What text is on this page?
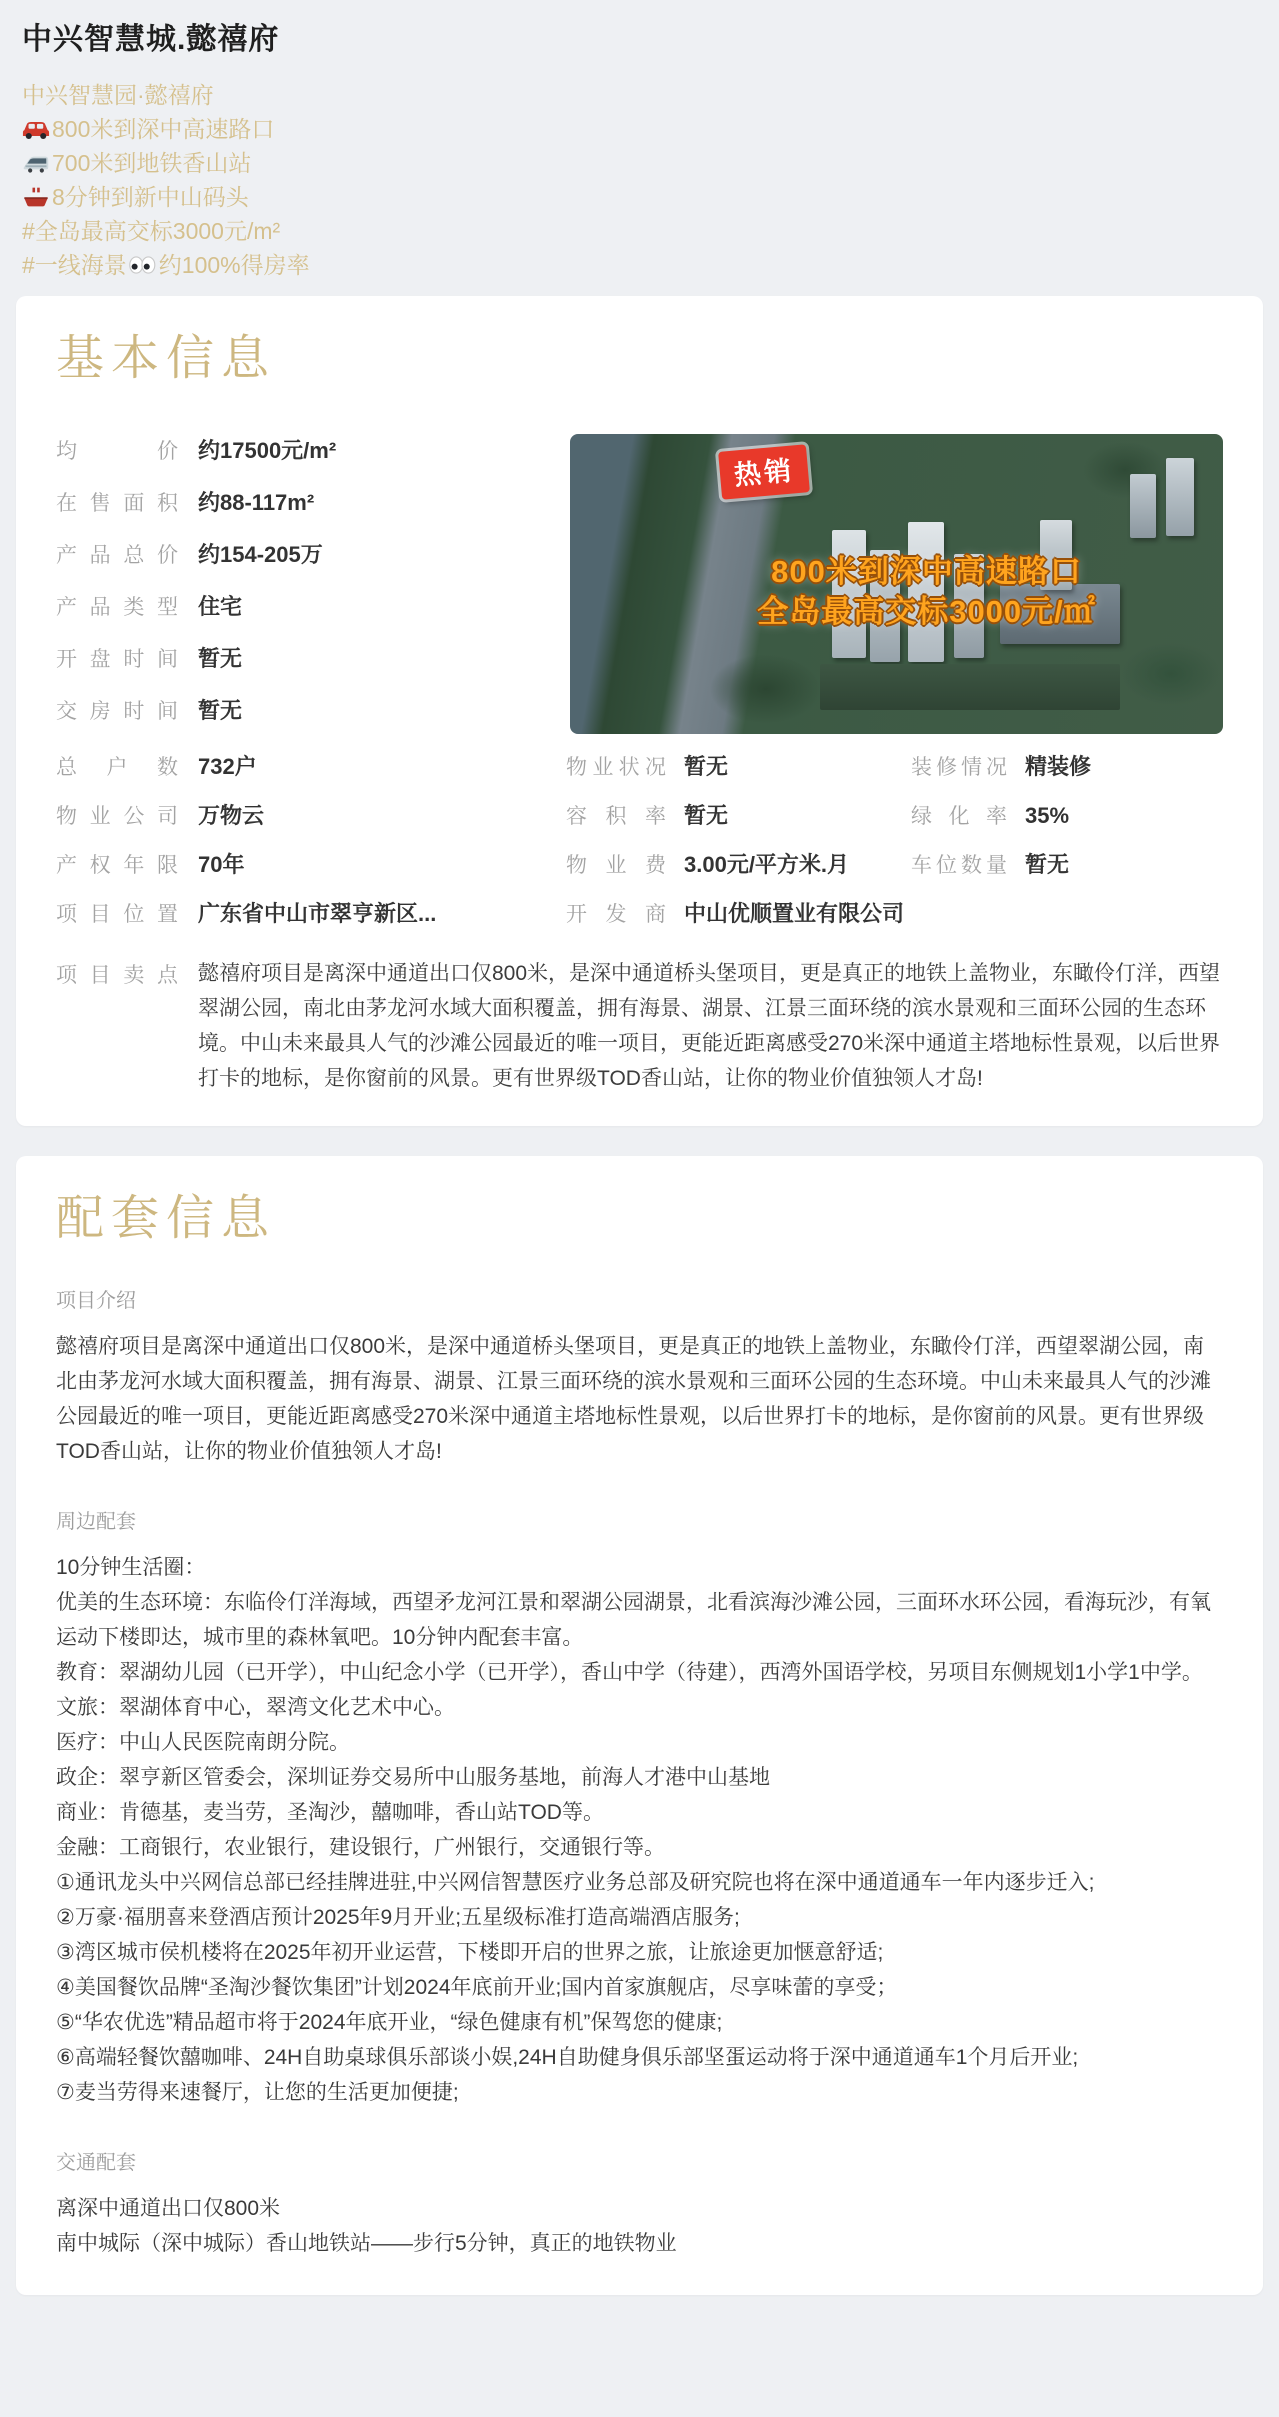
中兴智慧城.懿禧府
中兴智慧园·懿禧府
800米到深中高速路口
700米到地铁香山站
8分钟到新中山码头
#全岛最高交标3000元/m²
#一线海景 约100%得房率
基本信息
均价 约17500元/m²
在售面积 约88-117m²
产品总价 约154-205万
产品类型 住宅
开盘时间 暂无
交房时间 暂无
热销
800米到深中高速路口
全岛最高交标3000元/㎡
总户数 732户	物业状况 暂无	装修情况 精装修
物业公司 万物云	容积率 暂无	绿化率 35%
产权年限 70年	物业费 3.00元/平方米.月	车位数量 暂无
项目位置 广东省中山市翠亨新区...	开发商 中山优顺置业有限公司
项目卖点 懿禧府项目是离深中通道出口仅800米，是深中通道桥头堡项目，更是真正的地铁上盖物业，东瞰伶仃洋，西望翠湖公园，南北由茅龙河水域大面积覆盖，拥有海景、湖景、江景三面环绕的滨水景观和三面环公园的生态环境。中山未来最具人气的沙滩公园最近的唯一项目，更能近距离感受270米深中通道主塔地标性景观，以后世界打卡的地标，是你窗前的风景。更有世界级TOD香山站，让你的物业价值独领人才岛!
配套信息
项目介绍
懿禧府项目是离深中通道出口仅800米，是深中通道桥头堡项目，更是真正的地铁上盖物业，东瞰伶仃洋，西望翠湖公园，南北由茅龙河水域大面积覆盖，拥有海景、湖景、江景三面环绕的滨水景观和三面环公园的生态环境。中山未来最具人气的沙滩公园最近的唯一项目，更能近距离感受270米深中通道主塔地标性景观，以后世界打卡的地标，是你窗前的风景。更有世界级TOD香山站，让你的物业价值独领人才岛!
周边配套

10分钟生活圈：

优美的生态环境：东临伶仃洋海域，西望矛龙河江景和翠湖公园湖景，北看滨海沙滩公园，三面环水环公园，看海玩沙，有氧运动下楼即达，城市里的森林氧吧。10分钟内配套丰富。

教育：翠湖幼儿园（已开学），中山纪念小学（已开学），香山中学（待建），西湾外国语学校，另项目东侧规划1小学1中学。

文旅：翠湖体育中心，翠湾文化艺术中心。

医疗：中山人民医院南朗分院。

政企：翠亨新区管委会，深圳证券交易所中山服务基地，前海人才港中山基地

商业：肯德基，麦当劳，圣淘沙，囍咖啡，香山站TOD等。

金融：工商银行，农业银行，建设银行，广州银行，交通银行等。

①通讯龙头中兴网信总部已经挂牌进驻,中兴网信智慧医疗业务总部及研究院也将在深中通道通车一年内逐步迁入;

②万豪·福朋喜来登酒店预计2025年9月开业;五星级标准打造高端酒店服务;

③湾区城市侯机楼将在2025年初开业运营，下楼即开启的世界之旅，让旅途更加惬意舒适;

④美国餐饮品牌“圣淘沙餐饮集团”计划2024年底前开业;国内首家旗舰店，尽享味蕾的享受；

⑤“华农优选”精品超市将于2024年底开业，“绿色健康有机”保驾您的健康;

⑥高端轻餐饮囍咖啡、24H自助桌球俱乐部谈小娱,24H自助健身俱乐部坚蛋运动将于深中通道通车1个月后开业;

⑦麦当劳得来速餐厅，让您的生活更加便捷;

交通配套

离深中通道出口仅800米

南中城际（深中城际）香山地铁站——步行5分钟，真正的地铁物业
